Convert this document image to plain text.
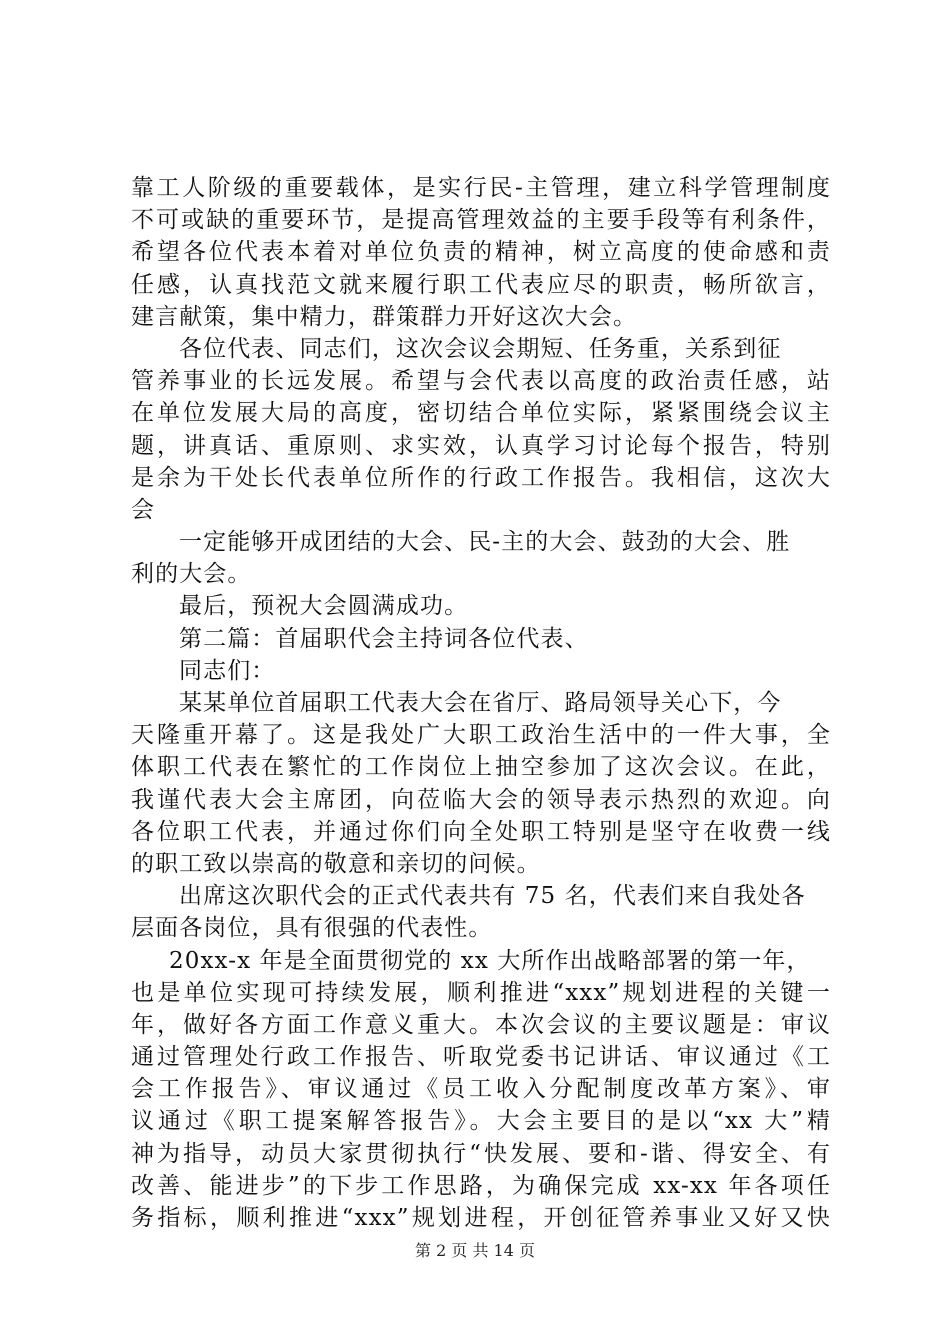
靠工人阶级的重要载体，是实行民-主管理，建立科学管理制度
不可或缺的重要环节，是提高管理效益的主要手段等有利条件，
希望各位代表本着对单位负责的精神，树立高度的使命感和责
任感，认真找范文就来履行职工代表应尽的职责，畅所欲言，
建言献策，集中精力，群策群力开好这次大会。
各位代表、同志们，这次会议会期短、任务重，关系到征
管养事业的长远发展。希望与会代表以高度的政治责任感，站
在单位发展大局的高度，密切结合单位实际，紧紧围绕会议主
题，讲真话、重原则、求实效，认真学习讨论每个报告，特别
是余为干处长代表单位所作的行政工作报告。我相信，这次大
会
一定能够开成团结的大会、民-主的大会、鼓劲的大会、胜
利的大会。
最后，预祝大会圆满成功。
第二篇：首届职代会主持词各位代表、
同志们：
某某单位首届职工代表大会在省厅、路局领导关心下，今
天隆重开幕了。这是我处广大职工政治生活中的一件大事，全
体职工代表在繁忙的工作岗位上抽空参加了这次会议。在此，
我谨代表大会主席团，向莅临大会的领导表示热烈的欢迎。向
各位职工代表，并通过你们向全处职工特别是坚守在收费一线
的职工致以崇高的敬意和亲切的问候。
出席这次职代会的正式代表共有 75 名，代表们来自我处各
层面各岗位，具有很强的代表性。
20xx-x 年是全面贯彻党的 xx 大所作出战略部署的第一年，
也是单位实现可持续发展，顺利推进“xxx”规划进程的关键一
年，做好各方面工作意义重大。本次会议的主要议题是：审议
通过管理处行政工作报告、听取党委书记讲话、审议通过《工
会工作报告》、审议通过《员工收入分配制度改革方案》、审
议通过《职工提案解答报告》。大会主要目的是以“xx 大”精
神为指导，动员大家贯彻执行“快发展、要和-谐、得安全、有
改善、能进步”的下步工作思路，为确保完成 xx-xx 年各项任
务指标，顺利推进“xxx”规划进程，开创征管养事业又好又快
第 2 页 共 14 页
